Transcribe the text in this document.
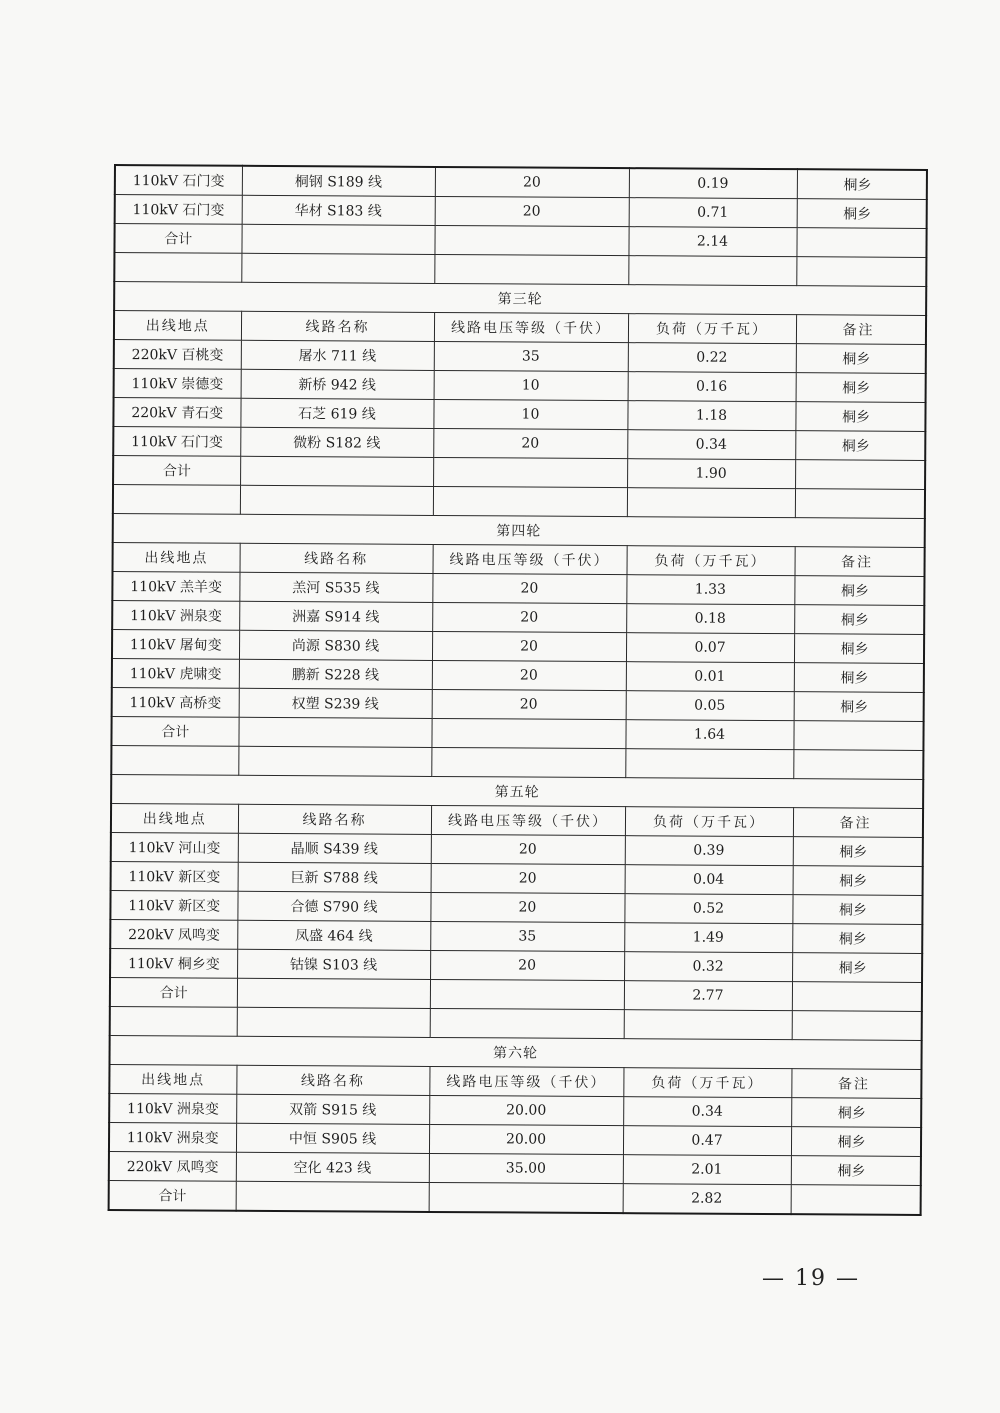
110kV 石门变	桐钢 S189 线	20	0.19	桐乡
110kV 石门变	华材 S183 线	20	0.71	桐乡
合计			2.14	

第三轮				
出线地点	线路名称	线路电压等级（千伏）	负荷（万千瓦）	备注
220kV 百桃变	屠水 711 线	35	0.22	桐乡
110kV 崇德变	新桥 942 线	10	0.16	桐乡
220kV 青石变	石芝 619 线	10	1.18	桐乡
110kV 石门变	微粉 S182 线	20	0.34	桐乡
合计			1.90	

第四轮				
出线地点	线路名称	线路电压等级（千伏）	负荷（万千瓦）	备注
110kV 羔羊变	羔河 S535 线	20	1.33	桐乡
110kV 洲泉变	洲嘉 S914 线	20	0.18	桐乡
110kV 屠甸变	尚源 S830 线	20	0.07	桐乡
110kV 虎啸变	鹏新 S228 线	20	0.01	桐乡
110kV 高桥变	权塑 S239 线	20	0.05	桐乡
合计			1.64	

第五轮				
出线地点	线路名称	线路电压等级（千伏）	负荷（万千瓦）	备注
110kV 河山变	晶顺 S439 线	20	0.39	桐乡
110kV 新区变	巨新 S788 线	20	0.04	桐乡
110kV 新区变	合德 S790 线	20	0.52	桐乡
220kV 凤鸣变	凤盛 464 线	35	1.49	桐乡
110kV 桐乡变	钴镍 S103 线	20	0.32	桐乡
合计			2.77	

第六轮				
出线地点	线路名称	线路电压等级（千伏）	负荷（万千瓦）	备注
110kV 洲泉变	双箭 S915 线	20.00	0.34	桐乡
110kV 洲泉变	中恒 S905 线	20.00	0.47	桐乡
220kV 凤鸣变	空化 423 线	35.00	2.01	桐乡
合计			2.82	
— 19 —
